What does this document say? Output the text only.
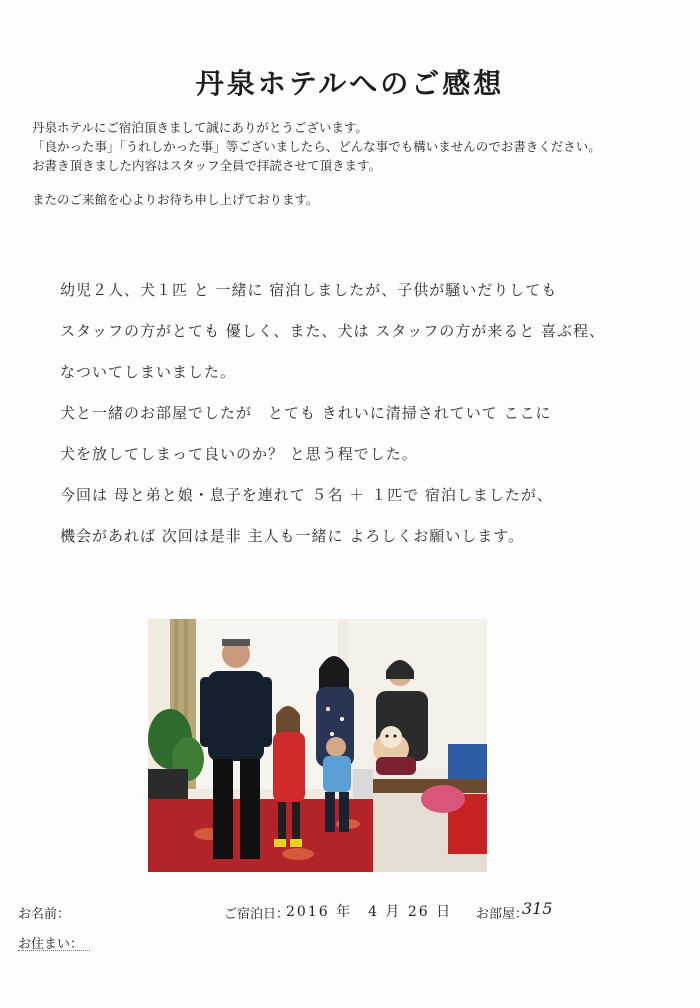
丹泉ホテルへのご感想
丹泉ホテルにご宿泊頂きまして誠にありがとうございます。
「良かった事」「うれしかった事」等ございましたら、どんな事でも構いませんのでお書きください。
お書き頂きました内容はスタッフ全員で拝読させて頂きます。
またのご来館を心よりお待ち申し上げております。
幼児２人、犬１匹 と 一緒に 宿泊しましたが、子供が騒いだりしても
スタッフの方がとても 優しく、また、犬は スタッフの方が来ると 喜ぶ程、
なついてしまいました。
犬と一緒のお部屋でしたが　とても きれいに清掃されていて ここに
犬を放してしまって良いのか？ と思う程でした。
今回は 母と弟と娘・息子を連れて ５名 ＋ １匹で 宿泊しましたが、
機会があれば 次回は是非 主人も一緒に よろしくお願いします。
お名前：
お住まい：
ご宿泊日：
2016 年　4 月 26 日 お部屋：
315
